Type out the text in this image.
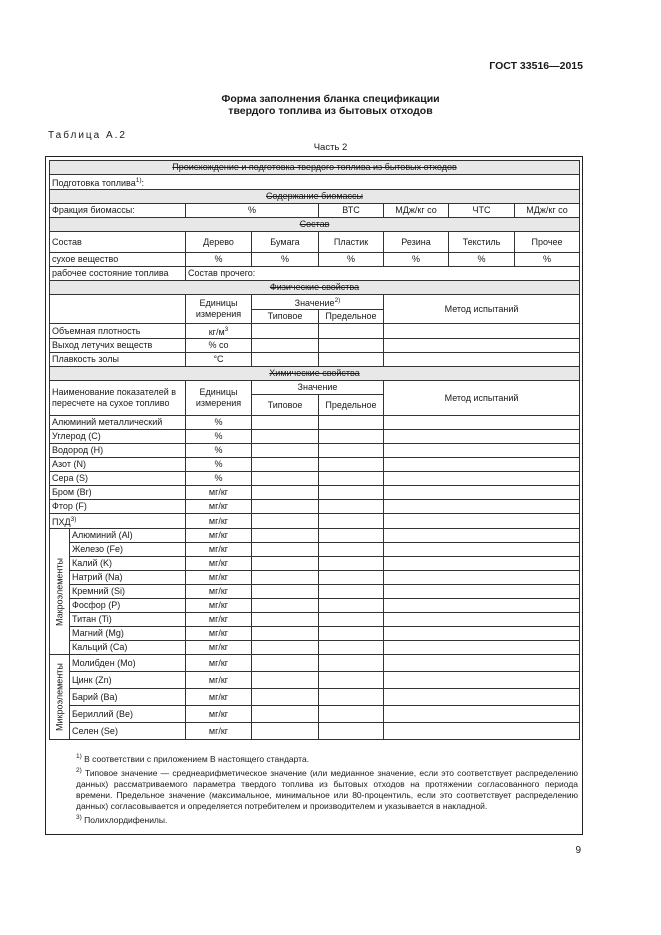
ГОСТ 33516—2015
Форма заполнения бланка спецификации
твердого топлива из бытовых отходов
Таблица А.2
Часть 2
Происхождение и подготовка твердого топлива из бытовых отходов							
Подготовка топлива$^{1)}$:							
Содержание биомассы							
Фракция биомассы:		%		ВТС	МДж/кг со	ЧТС	МДж/кг со
Состав							
Состав		Дерево	Бумага	Пластик	Резина	Текстиль	Прочее
сухое вещество		%	%	%	%	%	%
рабочее состояние топлива		Состав прочего:					
Физические свойства							
		Единицы измерения	Значение$^{2)}$		Метод испытаний		
			Типовое	Предельное			
Объемная плотность		$кг/м^3$			
Выход летучих веществ		% со					
Плавкость золы		°С					
Химические свойства							
Наименование показателей в пересчете на сухое топливо		Единицы измерения	Значение		Метод испытаний		
			Типовое	Предельное			
Алюминий металлический		%					
Углерод (С)		%					
Водород (Н)		%					
Азот (N)		%					
Сера (S)		%					
Бром (Br)		мг/кг					
Фтор (F)		мг/кг					
ПХД$^{3)}$		мг/кг					
Макроэлементы	Алюминий (Al)	мг/кг					
	Железо (Fe)	мг/кг					
	Калий (K)	мг/кг					
	Натрий (Na)	мг/кг					
	Кремний (Si)	мг/кг					
	Фосфор (P)	мг/кг					
	Титан (Ti)	мг/кг					
	Магний (Mg)	мг/кг					
	Кальций (Ca)	мг/кг					
Микроэлементы	Молибден (Mo)	мг/кг					
	Цинк (Zn)	мг/кг					
	Барий (Ba)	мг/кг					
	Бериллий (Be)	мг/кг					
	Селен (Se)	мг/кг					

$^{1)}$ В соответствии с приложением В настоящего стандарта.

$^{2)}$ Типовое значение — среднеарифметическое значение (или медианное значение, если это соответствует распределению данных) рассматриваемого параметра твердого топлива из бытовых отходов на протяжении согласованного периода времени. Предельное значение (максимальное, минимальное или 80-процентиль, если это соответствует распределению данных) согласовывается и определяется потребителем и производителем и указывается в накладной.

$^{3)}$ Полихлордифенилы.

9
